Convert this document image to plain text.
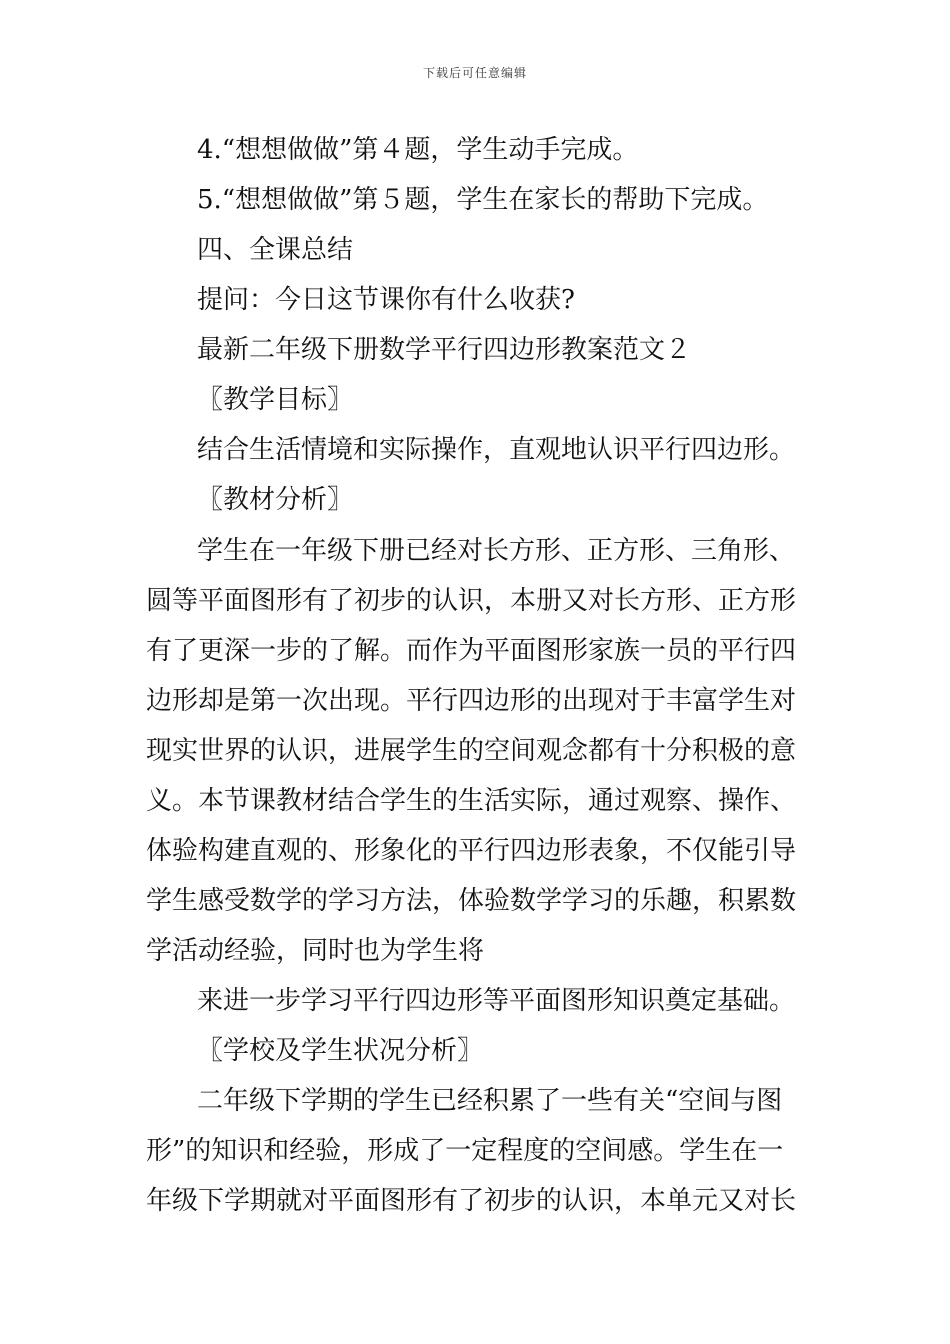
下载后可任意编辑
4.“想想做做”第４题，学生动手完成。
5.“想想做做”第５题，学生在家长的帮助下完成。
四、全课总结
提问：今日这节课你有什么收获?
最新二年级下册数学平行四边形教案范文２
〖教学目标〗
结合生活情境和实际操作，直观地认识平行四边形。
〖教材分析〗
学生在一年级下册已经对长方形、正方形、三角形、
圆等平面图形有了初步的认识，本册又对长方形、正方形
有了更深一步的了解。而作为平面图形家族一员的平行四
边形却是第一次出现。平行四边形的出现对于丰富学生对
现实世界的认识，进展学生的空间观念都有十分积极的意
义。本节课教材结合学生的生活实际，通过观察、操作、
体验构建直观的、形象化的平行四边形表象，不仅能引导
学生感受数学的学习方法，体验数学学习的乐趣，积累数
学活动经验，同时也为学生将
来进一步学习平行四边形等平面图形知识奠定基础。
〖学校及学生状况分析〗
二年级下学期的学生已经积累了一些有关“空间与图
形”的知识和经验，形成了一定程度的空间感。学生在一
年级下学期就对平面图形有了初步的认识，本单元又对长
